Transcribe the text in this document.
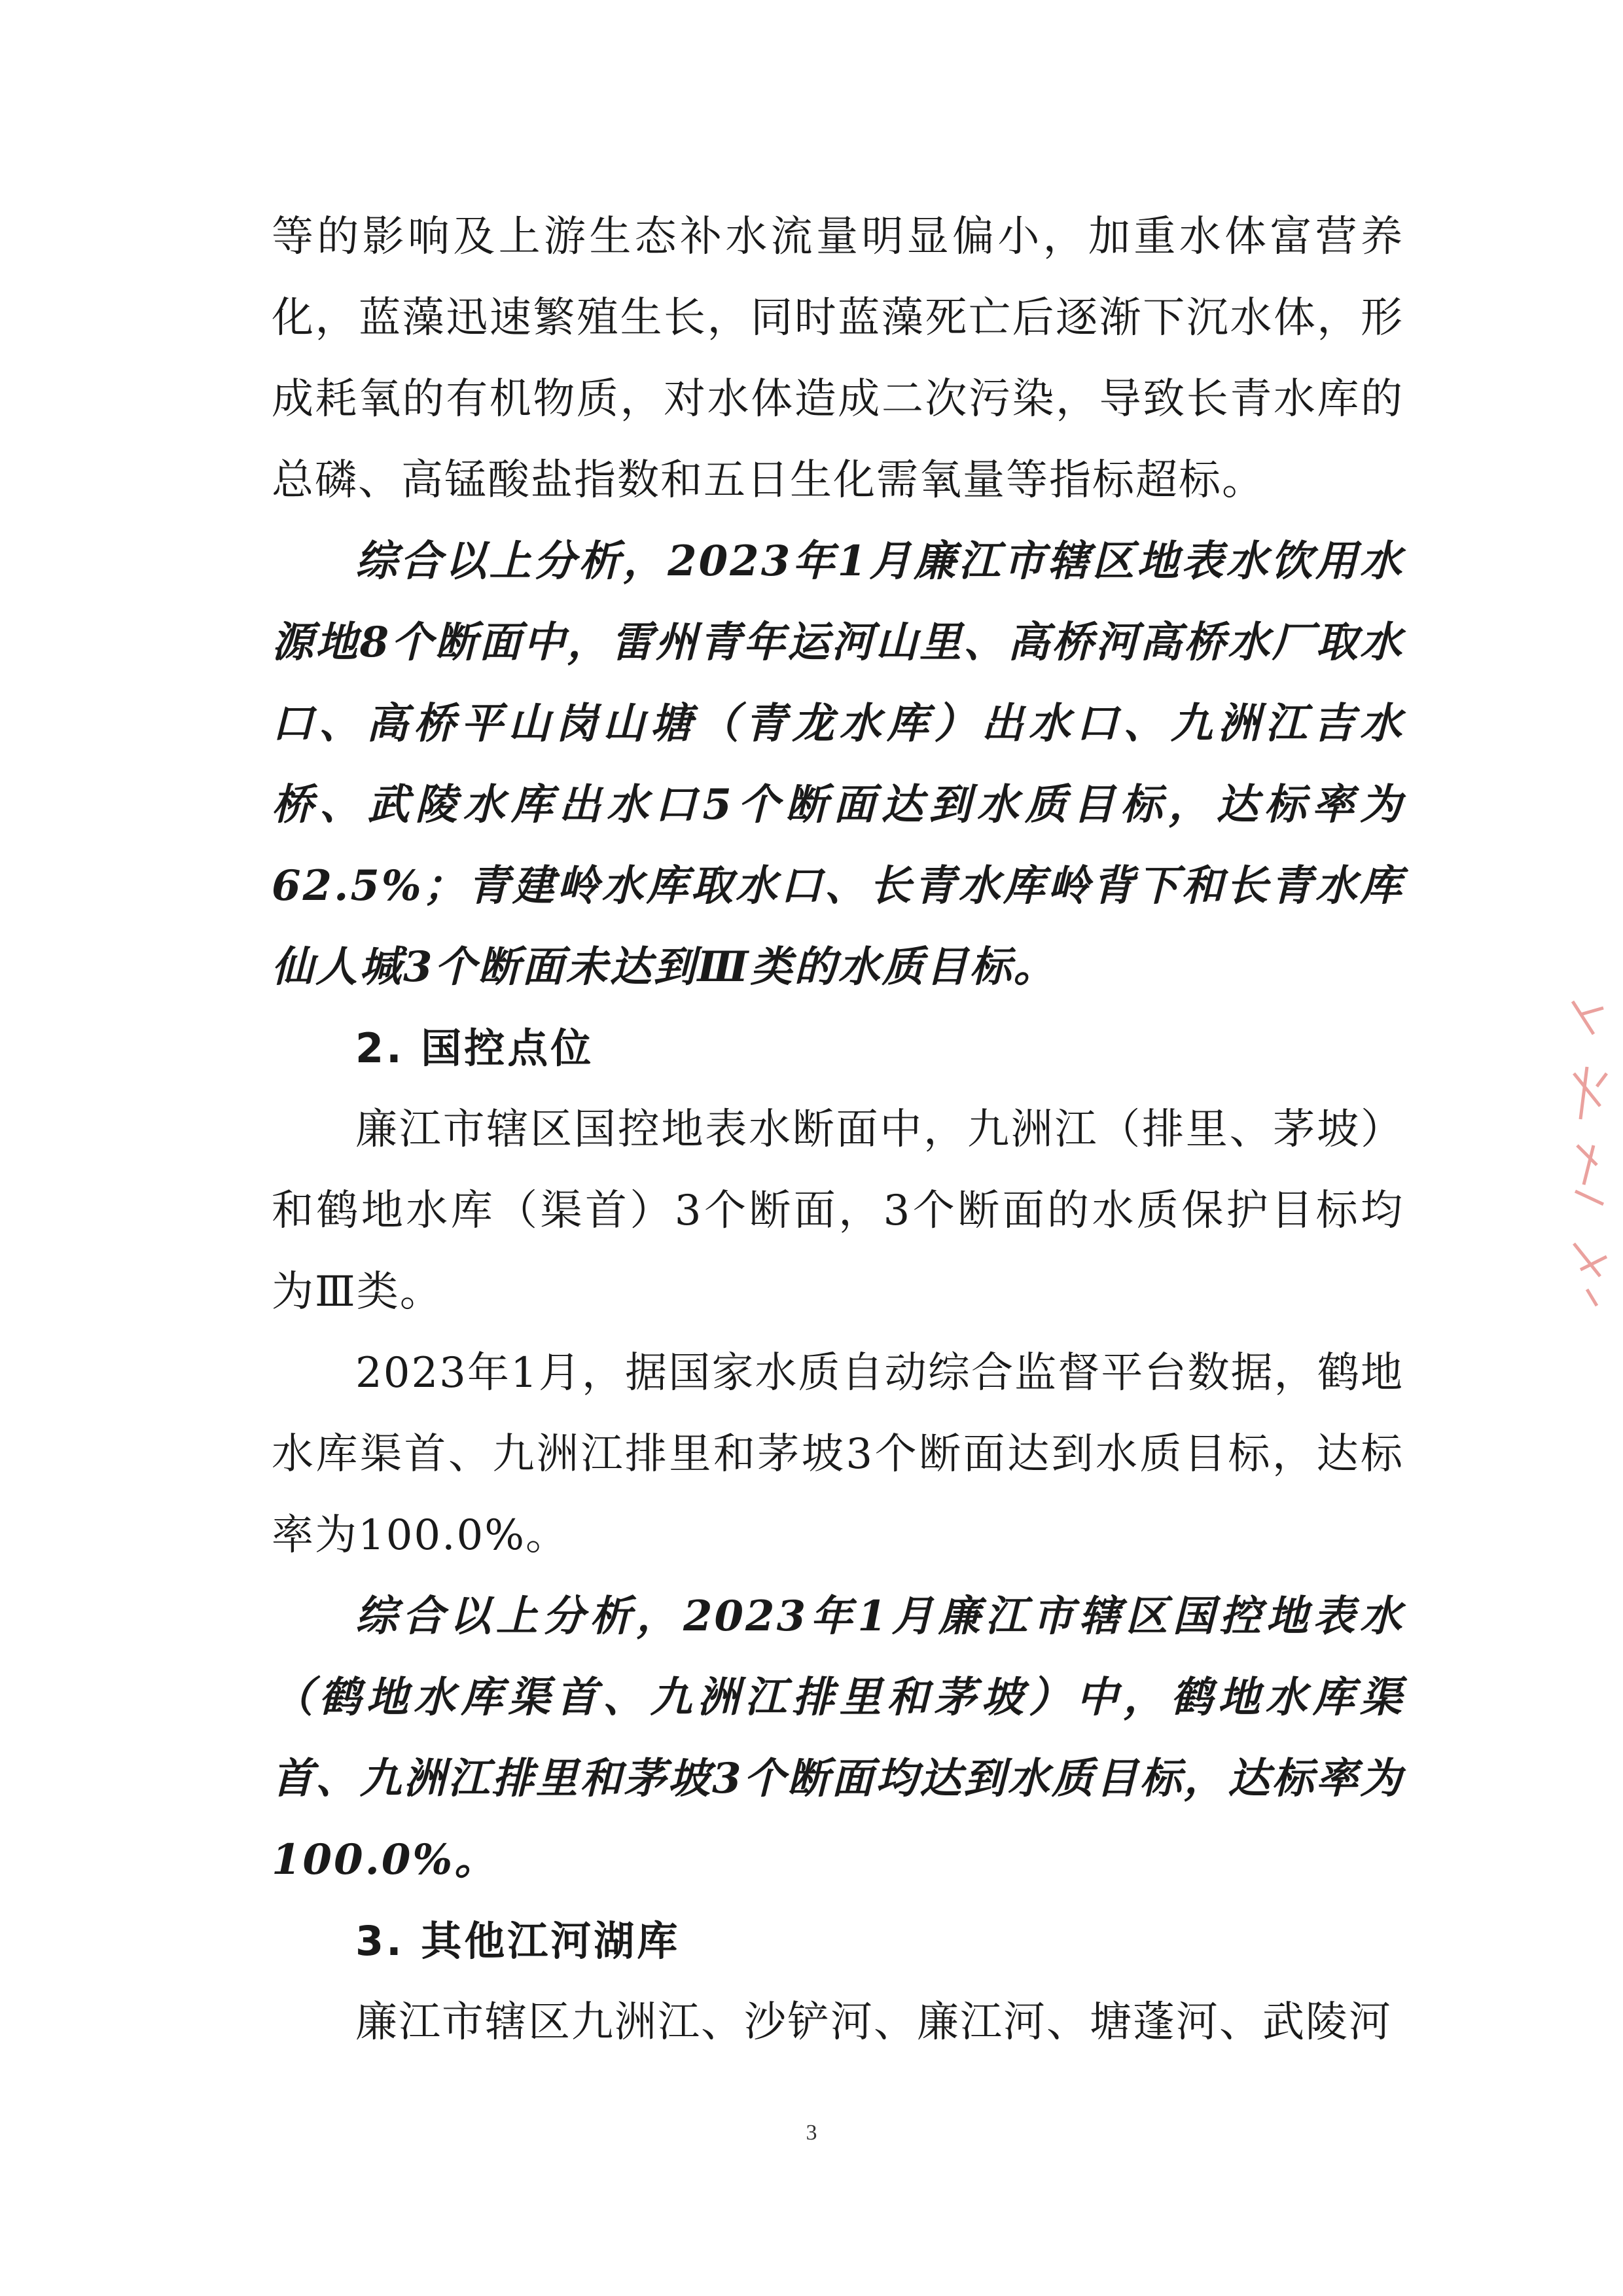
等的影响及上游生态补水流量明显偏小，加重水体富营养化，蓝藻迅速繁殖生长，同时蓝藻死亡后逐渐下沉水体，形成耗氧的有机物质，对水体造成二次污染，导致长青水库的总磷、高锰酸盐指数和五日生化需氧量等指标超标。

综合以上分析，2023年1月廉江市辖区地表水饮用水源地8个断面中，雷州青年运河山里、高桥河高桥水厂取水口、高桥平山岗山塘（青龙水库）出水口、九洲江吉水桥、武陵水库出水口5个断面达到水质目标，达标率为62.5%；青建岭水库取水口、长青水库岭背下和长青水库仙人堿3个断面未达到Ⅲ类的水质目标。

2. 国控点位

廉江市辖区国控地表水断面中，九洲江（排里、茅坡）和鹤地水库（渠首）3个断面，3个断面的水质保护目标均为Ⅲ类。

2023年1月，据国家水质自动综合监督平台数据，鹤地水库渠首、九洲江排里和茅坡3个断面达到水质目标，达标率为100.0%。

综合以上分析，2023年1月廉江市辖区国控地表水（鹤地水库渠首、九洲江排里和茅坡）中，鹤地水库渠首、九洲江排里和茅坡3个断面均达到水质目标，达标率为100.0%。

3. 其他江河湖库

廉江市辖区九洲江、沙铲河、廉江河、塘蓬河、武陵河

3
